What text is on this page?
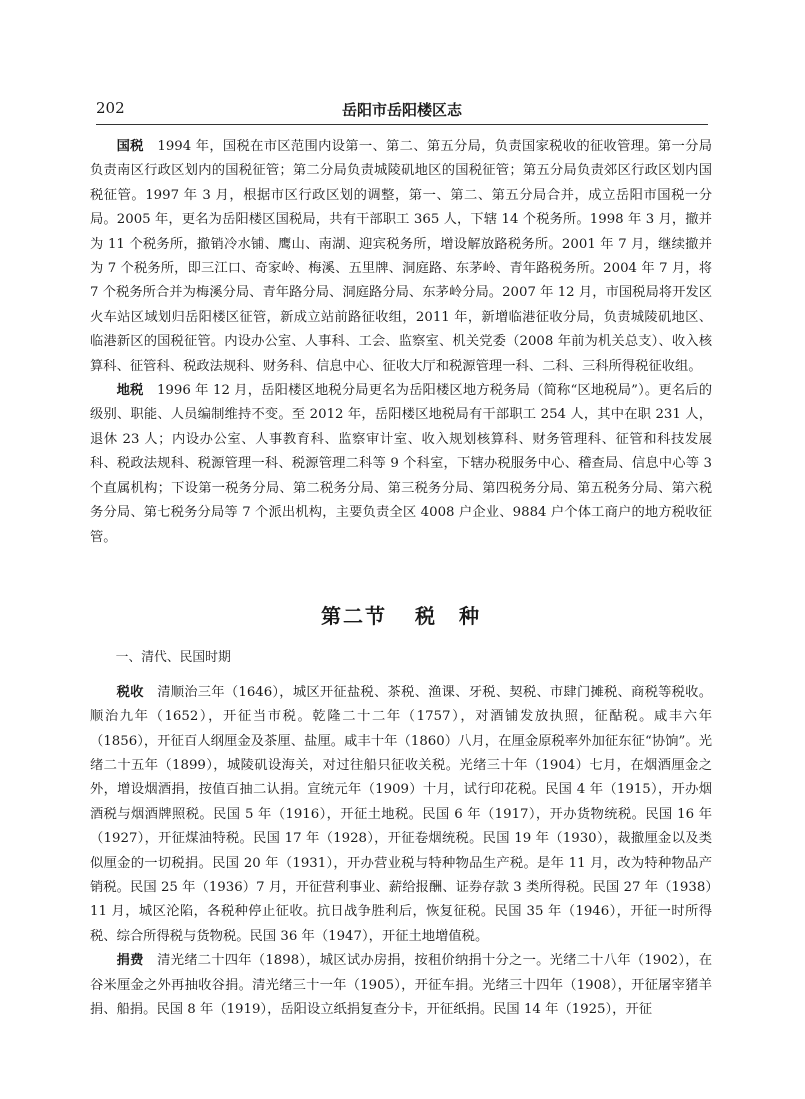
202	岳阳市岳阳楼区志

国税　 1994 年，国税在市区范围内设第一、第二、第五分局，负责国家税收的征收管理。第一分局负责南区行政区划内的国税征管；第二分局负责城陵矶地区的国税征管；第五分局负责郊区行政区划内国税征管。1997 年 3 月，根据市区行政区划的调整，第一、第二、第五分局合并，成立岳阳市国税一分局。2005 年，更名为岳阳楼区国税局，共有干部职工 365 人，下辖 14 个税务所。1998 年 3 月，撤并为 11 个税务所，撤销冷水铺、鹰山、南湖、迎宾税务所，增设解放路税务所。2001 年 7 月，继续撤并为 7 个税务所，即三江口、奇家岭、梅溪、五里牌、洞庭路、东茅岭、青年路税务所。2004 年 7 月，将 7 个税务所合并为梅溪分局、青年路分局、洞庭路分局、东茅岭分局。2007 年 12 月，市国税局将开发区火车站区域划归岳阳楼区征管，新成立站前路征收组，2011 年，新增临港征收分局，负责城陵矶地区、临港新区的国税征管。内设办公室、人事科、工会、监察室、机关党委（2008 年前为机关总支）、收入核算科、征管科、税政法规科、财务科、信息中心、征收大厅和税源管理一科、二科、三科所得税征收组。

地税　 1996 年 12 月，岳阳楼区地税分局更名为岳阳楼区地方税务局（简称“区地税局”）。更名后的级别、职能、人员编制维持不变。至 2012 年，岳阳楼区地税局有干部职工 254 人，其中在职 231 人，退休 23 人；内设办公室、人事教育科、监察审计室、收入规划核算科、财务管理科、征管和科技发展科、税政法规科、税源管理一科、税源管理二科等 9 个科室，下辖办税服务中心、稽查局、信息中心等 3 个直属机构；下设第一税务分局、第二税务分局、第三税务分局、第四税务分局、第五税务分局、第六税务分局、第七税务分局等 7 个派出机构，主要负责全区 4008 户企业、9884 户个体工商户的地方税收征管。

第二节 税　种

一、清代、民国时期

税收　 清顺治三年（1646），城区开征盐税、茶税、渔课、牙税、契税、市肆门摊税、商税等税收。顺治九年（1652），开征当市税。乾隆二十二年（1757），对酒铺发放执照，征酤税。咸丰六年（1856），开征百人纲厘金及茶厘、盐厘。咸丰十年（1860）八月，在厘金原税率外加征东征“协饷”。光绪二十五年（1899），城陵矶设海关，对过往船只征收关税。光绪三十年（1904）七月，在烟酒厘金之外，增设烟酒捐，按值百抽二认捐。宣统元年（1909）十月，试行印花税。民国 4 年（1915），开办烟酒税与烟酒牌照税。民国 5 年（1916），开征土地税。民国 6 年（1917），开办货物统税。民国 16 年（1927），开征煤油特税。民国 17 年（1928），开征卷烟统税。民国 19 年（1930），裁撤厘金以及类似厘金的一切税捐。民国 20 年（1931），开办营业税与特种物品生产税。是年 11 月，改为特种物品产销税。民国 25 年（1936）7 月，开征营利事业、薪给报酬、证券存款 3 类所得税。民国 27 年（1938）11 月，城区沦陷，各税种停止征收。抗日战争胜利后，恢复征税。民国 35 年（1946），开征一时所得税、综合所得税与货物税。民国 36 年（1947），开征土地增值税。

捐费　 清光绪二十四年（1898），城区试办房捐，按租价纳捐十分之一。光绪二十八年（1902），在谷米厘金之外再抽收谷捐。清光绪三十一年（1905），开征车捐。光绪三十四年（1908），开征屠宰猪羊捐、船捐。民国 8 年（1919），岳阳设立纸捐复查分卡，开征纸捐。民国 14 年（1925），开征
